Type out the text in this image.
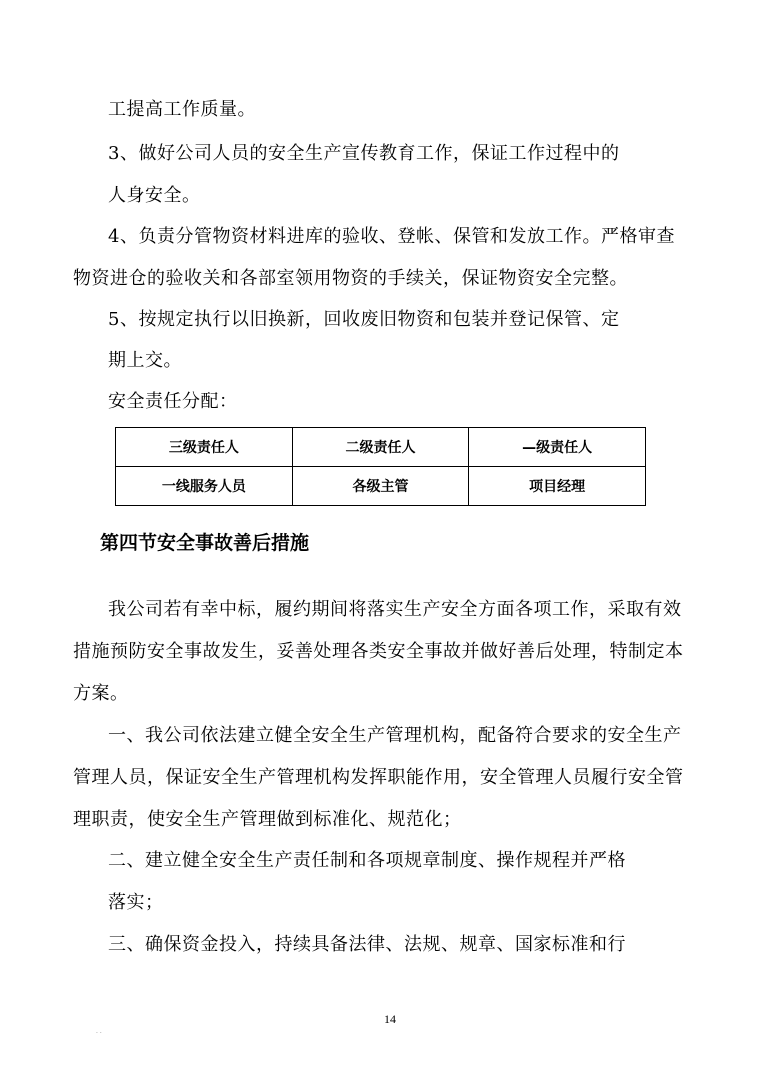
工提高工作质量。
3、做好公司人员的安全生产宣传教育工作，保证工作过程中的
人身安全。
4、负责分管物资材料进库的验收、登帐、保管和发放工作。严格审查
物资进仓的验收关和各部室领用物资的手续关，保证物资安全完整。
5、按规定执行以旧换新，回收废旧物资和包装并登记保管、定
期上交。
安全责任分配：
三级责任人	二级责任人	—级责任人
一线服务人员	各级主管	项目经理
第四节安全事故善后措施
我公司若有幸中标，履约期间将落实生产安全方面各项工作，采取有效
措施预防安全事故发生，妥善处理各类安全事故并做好善后处理，特制定本
方案。
一、我公司依法建立健全安全生产管理机构，配备符合要求的安全生产
管理人员，保证安全生产管理机构发挥职能作用，安全管理人员履行安全管
理职责，使安全生产管理做到标准化、规范化；
二、建立健全安全生产责任制和各项规章制度、操作规程并严格
落实；
三、确保资金投入，持续具备法律、法规、规章、国家标准和行
14
· ·
